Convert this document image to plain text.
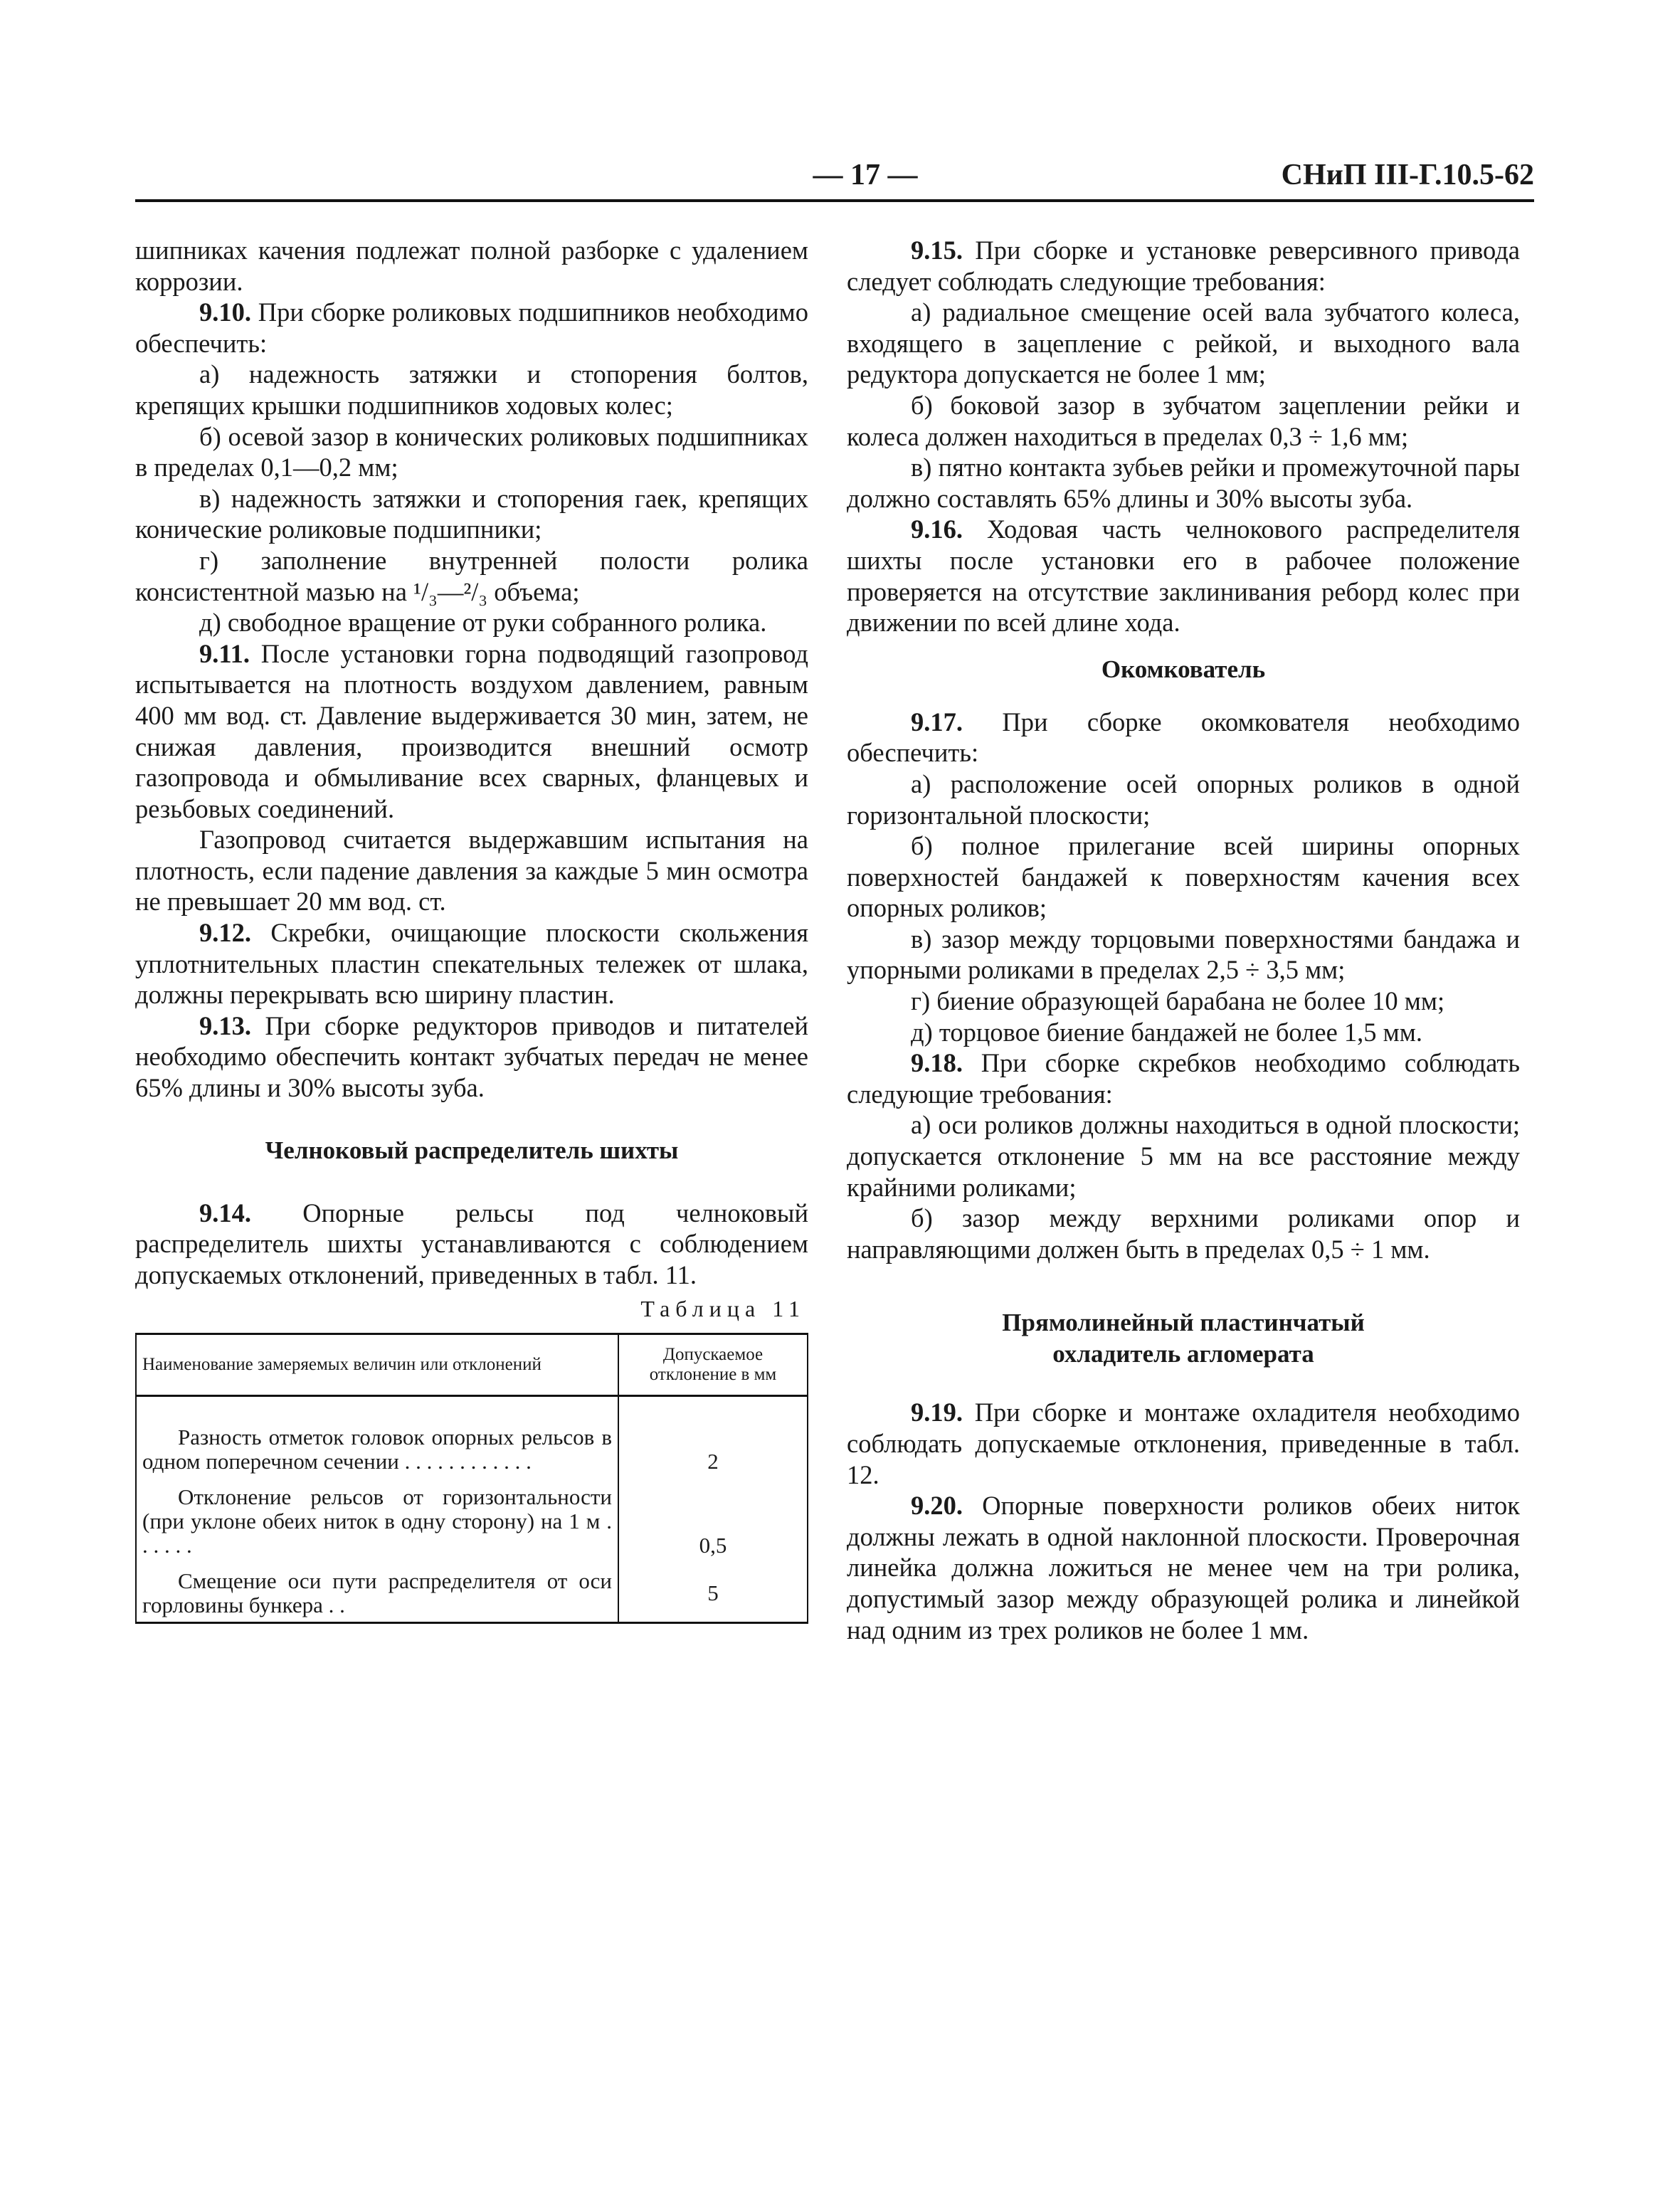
— 17 —	СНиП III-Г.10.5-62

шипниках качения подлежат полной разборке с удалением коррозии.

9.10. При сборке роликовых подшипников необходимо обеспечить:

а) надежность затяжки и стопорения болтов, крепящих крышки подшипников ходовых колес;

б) осевой зазор в конических роликовых подшипниках в пределах 0,1—0,2 мм;

в) надежность затяжки и стопорения гаек, крепящих конические роликовые подшипники;

г) заполнение внутренней полости ролика консистентной мазью на ¹/₃—²/₃ объема;

д) свободное вращение от руки собранного ролика.

9.11. После установки горна подводящий газопровод испытывается на плотность воздухом давлением, равным 400 мм вод. ст. Давление выдерживается 30 мин, затем, не снижая давления, производится внешний осмотр газопровода и обмыливание всех сварных, фланцевых и резьбовых соединений.

Газопровод считается выдержавшим испытания на плотность, если падение давления за каждые 5 мин осмотра не превышает 20 мм вод. ст.

9.12. Скребки, очищающие плоскости скольжения уплотнительных пластин спекательных тележек от шлака, должны перекрывать всю ширину пластин.

9.13. При сборке редукторов приводов и питателей необходимо обеспечить контакт зубчатых передач не менее 65% длины и 30% высоты зуба.

Челноковый распределитель шихты

9.14. Опорные рельсы под челноковый распределитель шихты устанавливаются с соблюдением допускаемых отклонений, приведенных в табл. 11.

Таблица 11
Наименование замеряемых величин или отклонений	Допускаемое отклонение в мм

Разность отметок головок опорных рельсов в одном поперечном сечении . . . . . . . . . . . .	2

Отклонение рельсов от горизонтальности (при уклоне обеих ниток в одну сторону) на 1 м . . . . . .	0,5

Смещение оси пути распределителя от оси горловины бункера . .	5

9.15. При сборке и установке реверсивного привода следует соблюдать следующие требования:

а) радиальное смещение осей вала зубчатого колеса, входящего в зацепление с рейкой, и выходного вала редуктора допускается не более 1 мм;

б) боковой зазор в зубчатом зацеплении рейки и колеса должен находиться в пределах 0,3 ÷ 1,6 мм;

в) пятно контакта зубьев рейки и промежуточной пары должно составлять 65% длины и 30% высоты зуба.

9.16. Ходовая часть челнокового распределителя шихты после установки его в рабочее положение проверяется на отсутствие заклинивания реборд колес при движении по всей длине хода.

Окомкователь

9.17. При сборке окомкователя необходимо обеспечить:

а) расположение осей опорных роликов в одной горизонтальной плоскости;

б) полное прилегание всей ширины опорных поверхностей бандажей к поверхностям качения всех опорных роликов;

в) зазор между торцовыми поверхностями бандажа и упорными роликами в пределах 2,5 ÷ 3,5 мм;

г) биение образующей барабана не более 10 мм;

д) торцовое биение бандажей не более 1,5 мм.

9.18. При сборке скребков необходимо соблюдать следующие требования:

а) оси роликов должны находиться в одной плоскости; допускается отклонение 5 мм на все расстояние между крайними роликами;

б) зазор между верхними роликами опор и направляющими должен быть в пределах 0,5 ÷ 1 мм.

Прямолинейный пластинчатый
охладитель агломерата

9.19. При сборке и монтаже охладителя необходимо соблюдать допускаемые отклонения, приведенные в табл. 12.

9.20. Опорные поверхности роликов обеих ниток должны лежать в одной наклонной плоскости. Проверочная линейка должна ложиться не менее чем на три ролика, допустимый зазор между образующей ролика и линейкой над одним из трех роликов не более 1 мм.
